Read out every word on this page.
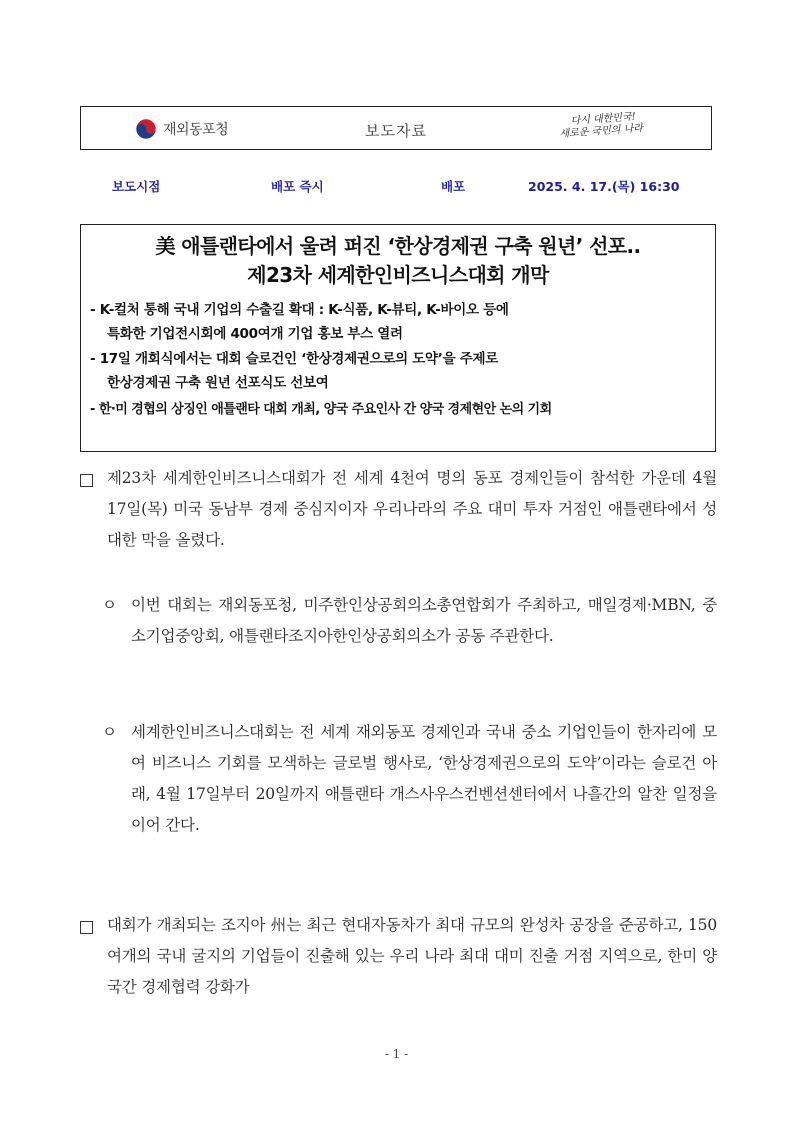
재외동포청	보도자료
다시 대한민국!
새로운 국민의 나라
보도시점	배포 즉시	배포	2025. 4. 17.(목) 16:30
美 애틀랜타에서 울려 퍼진 ‘한상경제권 구축 원년’ 선포..
제23차 세계한인비즈니스대회 개막
- K-컬처 통해 국내 기업의 수출길 확대 : K-식품, K-뷰티, K-바이오 등에
특화한 기업전시회에 400여개 기업 홍보 부스 열려
- 17일 개회식에서는 대회 슬로건인 ‘한상경제권으로의 도약’을 주제로
한상경제권 구축 원년 선포식도 선보여
- 한·미 경협의 상징인 애틀랜타 대회 개최, 양국 주요인사 간 양국 경제현안 논의 기회
제23차 세계한인비즈니스대회가 전 세계 4천여 명의 동포 경제인들이 참석한 가운데 4월 17일(목) 미국 동남부 경제 중심지이자 우리나라의 주요 대미 투자 거점인 애틀랜타에서 성대한 막을 올렸다.
ㅇ 이번 대회는 재외동포청, 미주한인상공회의소총연합회가 주최하고, 매일경제·MBN, 중소기업중앙회, 애틀랜타조지아한인상공회의소가 공동 주관한다.
ㅇ 세계한인비즈니스대회는 전 세계 재외동포 경제인과 국내 중소 기업인들이 한자리에 모여 비즈니스 기회를 모색하는 글로벌 행사로, ‘한상경제권으로의 도약’이라는 슬로건 아래, 4월 17일부터 20일까지 애틀랜타 개스사우스컨벤션센터에서 나흘간의 알찬 일정을 이어 간다.
대회가 개최되는 조지아 州는 최근 현대자동차가 최대 규모의 완성차 공장을 준공하고, 150여개의 국내 굴지의 기업들이 진출해 있는 우리 나라 최대 대미 진출 거점 지역으로, 한미 양국간 경제협력 강화가
- 1 -
